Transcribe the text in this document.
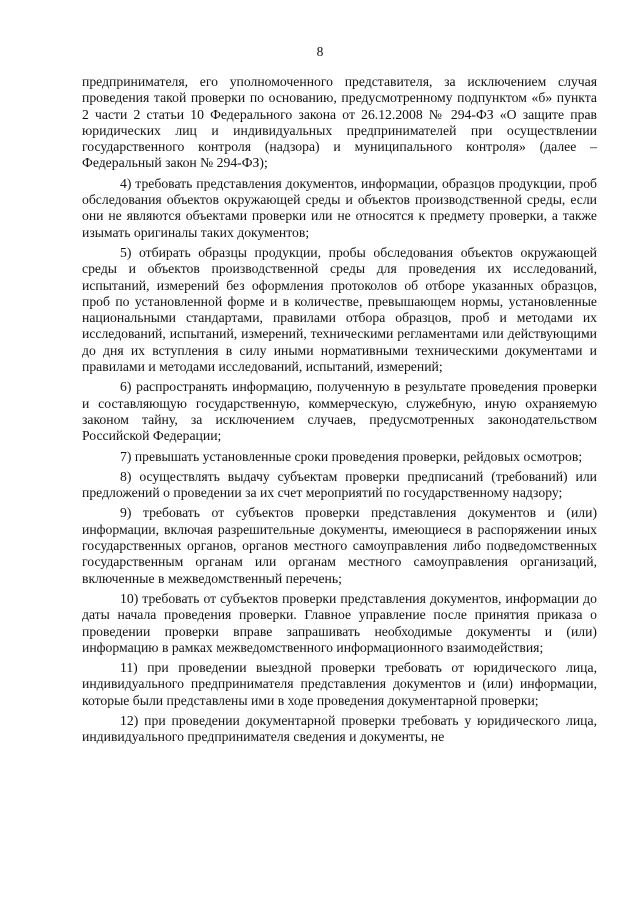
8

предпринимателя, его уполномоченного представителя, за исключением случая проведения такой проверки по основанию, предусмотренному подпунктом «б» пункта 2 части 2 статьи 10 Федерального закона от 26.12.2008 № 294-ФЗ «О защите прав юридических лиц и индивидуальных предпринимателей при осуществлении государственного контроля (надзора) и муниципального контроля» (далее – Федеральный закон № 294-ФЗ);

4) требовать представления документов, информации, образцов продукции, проб обследования объектов окружающей среды и объектов производственной среды, если они не являются объектами проверки или не относятся к предмету проверки, а также изымать оригиналы таких документов;

5) отбирать образцы продукции, пробы обследования объектов окружающей среды и объектов производственной среды для проведения их исследований, испытаний, измерений без оформления протоколов об отборе указанных образцов, проб по установленной форме и в количестве, превышающем нормы, установленные национальными стандартами, правилами отбора образцов, проб и методами их исследований, испытаний, измерений, техническими регламентами или действующими до дня их вступления в силу иными нормативными техническими документами и правилами и методами исследований, испытаний, измерений;

6) распространять информацию, полученную в результате проведения проверки и составляющую государственную, коммерческую, служебную, иную охраняемую законом тайну, за исключением случаев, предусмотренных законодательством Российской Федерации;

7) превышать установленные сроки проведения проверки, рейдовых осмотров;

8) осуществлять выдачу субъектам проверки предписаний (требований) или предложений о проведении за их счет мероприятий по государственному надзору;

9) требовать от субъектов проверки представления документов и (или) информации, включая разрешительные документы, имеющиеся в распоряжении иных государственных органов, органов местного самоуправления либо подведомственных государственным органам или органам местного самоуправления организаций, включенные в межведомственный перечень;

10) требовать от субъектов проверки представления документов, информации до даты начала проведения проверки. Главное управление после принятия приказа о проведении проверки вправе запрашивать необходимые документы и (или) информацию в рамках межведомственного информационного взаимодействия;

11) при проведении выездной проверки требовать от юридического лица, индивидуального предпринимателя представления документов и (или) информации, которые были представлены ими в ходе проведения документарной проверки;

12) при проведении документарной проверки требовать у юридического лица, индивидуального предпринимателя сведения и документы, не
